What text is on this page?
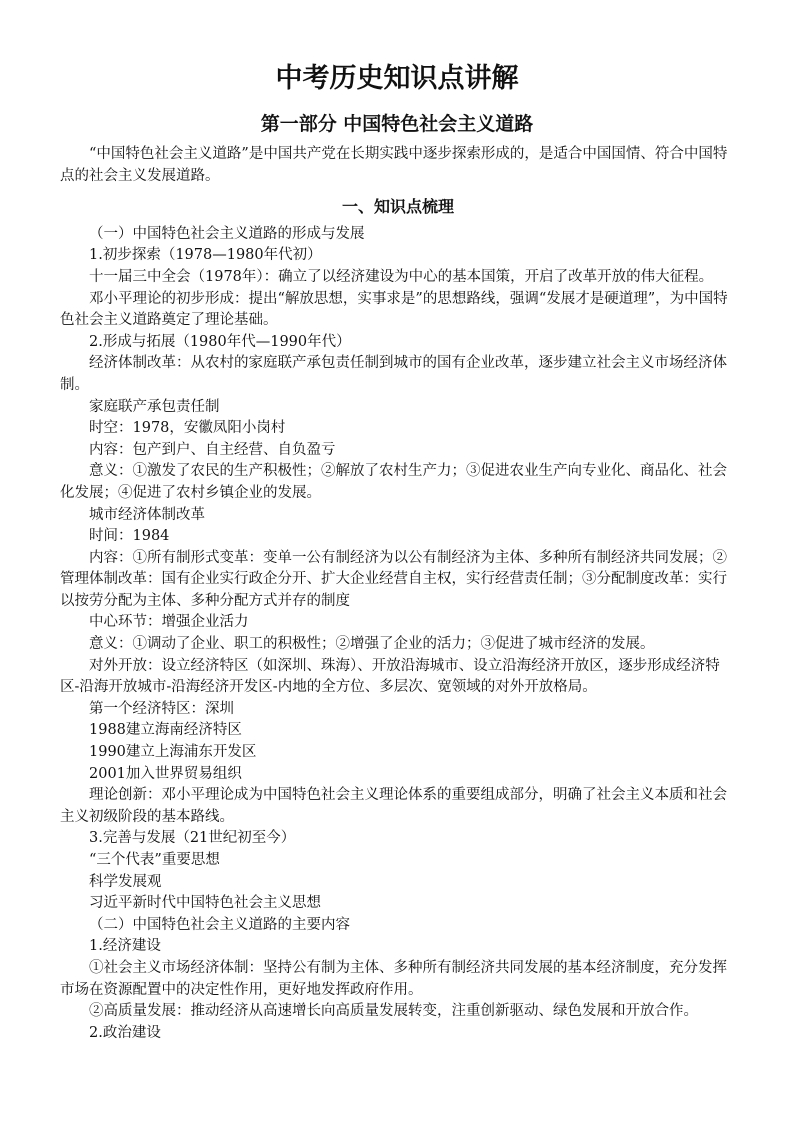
中考历史知识点讲解
第一部分 中国特色社会主义道路

“中国特色社会主义道路”是中国共产党在长期实践中逐步探索形成的，是适合中国国情、符合中国特点的社会主义发展道路。

一、知识点梳理

（一）中国特色社会主义道路的形成与发展

1.初步探索（1978—1980年代初）

十一届三中全会（1978年）：确立了以经济建设为中心的基本国策，开启了改革开放的伟大征程。

邓小平理论的初步形成：提出“解放思想，实事求是”的思想路线，强调“发展才是硬道理”，为中国特色社会主义道路奠定了理论基础。

2.形成与拓展（1980年代—1990年代）

经济体制改革：从农村的家庭联产承包责任制到城市的国有企业改革，逐步建立社会主义市场经济体制。

家庭联产承包责任制

时空：1978，安徽凤阳小岗村

内容：包产到户、自主经营、自负盈亏

意义：①激发了农民的生产积极性；②解放了农村生产力；③促进农业生产向专业化、商品化、社会化发展；④促进了农村乡镇企业的发展。

城市经济体制改革

时间：1984

内容：①所有制形式变革：变单一公有制经济为以公有制经济为主体、多种所有制经济共同发展；②管理体制改革：国有企业实行政企分开、扩大企业经营自主权，实行经营责任制；③分配制度改革：实行以按劳分配为主体、多种分配方式并存的制度

中心环节：增强企业活力

意义：①调动了企业、职工的积极性；②增强了企业的活力；③促进了城市经济的发展。

对外开放：设立经济特区（如深圳、珠海）、开放沿海城市、设立沿海经济开放区，逐步形成经济特区-沿海开放城市-沿海经济开发区-内地的全方位、多层次、宽领域的对外开放格局。

第一个经济特区：深圳

1988建立海南经济特区

1990建立上海浦东开发区

2001加入世界贸易组织

理论创新：邓小平理论成为中国特色社会主义理论体系的重要组成部分，明确了社会主义本质和社会主义初级阶段的基本路线。

3.完善与发展（21世纪初至今）

“三个代表”重要思想

科学发展观

习近平新时代中国特色社会主义思想

（二）中国特色社会主义道路的主要内容

1.经济建设

①社会主义市场经济体制：坚持公有制为主体、多种所有制经济共同发展的基本经济制度，充分发挥市场在资源配置中的决定性作用，更好地发挥政府作用。

②高质量发展：推动经济从高速增长向高质量发展转变，注重创新驱动、绿色发展和开放合作。

2.政治建设
